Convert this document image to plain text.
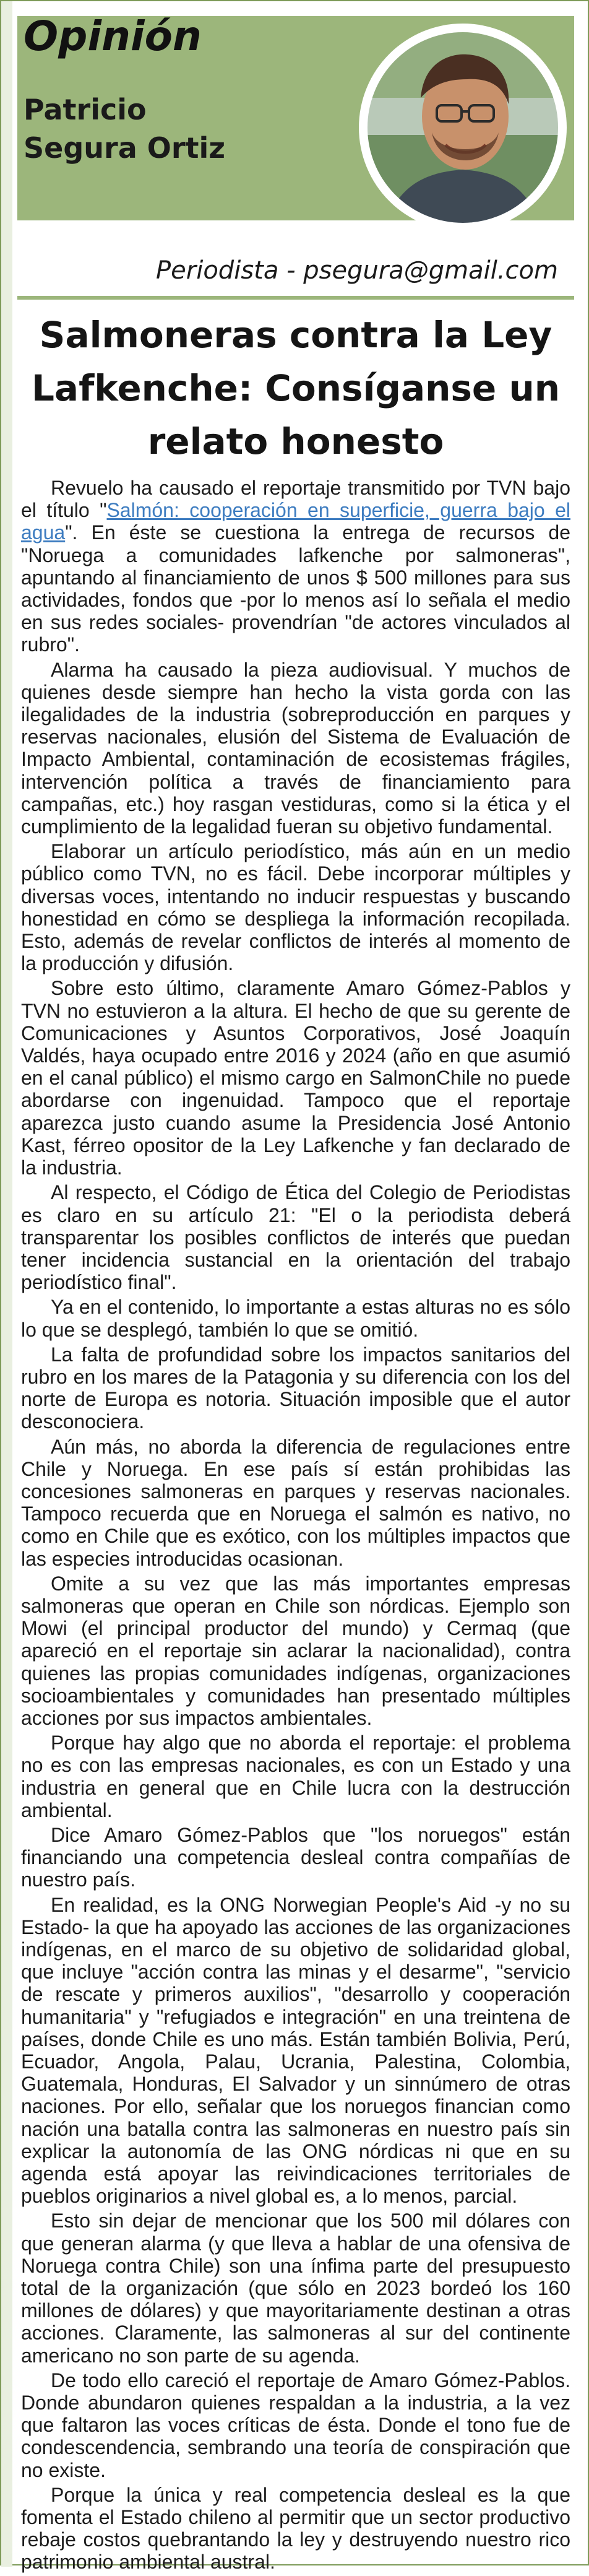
Opinión

Patricio

Segura Ortiz

Periodista - psegura@gmail.com
Salmoneras contra la Ley Lafkenche: Consíganse un relato honesto

Revuelo ha causado el reportaje transmitido por TVN bajo el título "Salmón: cooperación en superficie, guerra bajo el agua". En éste se cuestiona la entrega de recursos de "Noruega a comunidades lafkenche por salmoneras", apuntando al financiamiento de unos $ 500 millones para sus actividades, fondos que -por lo menos así lo señala el medio en sus redes sociales- provendrían "de actores vinculados al rubro".

Alarma ha causado la pieza audiovisual. Y muchos de quienes desde siempre han hecho la vista gorda con las ilegalidades de la industria (sobreproducción en parques y reservas nacionales, elusión del Sistema de Evaluación de Impacto Ambiental, contaminación de ecosistemas frágiles, intervención política a través de financiamiento para campañas, etc.) hoy rasgan vestiduras, como si la ética y el cumplimiento de la legalidad fueran su objetivo fundamental.

Elaborar un artículo periodístico, más aún en un medio público como TVN, no es fácil. Debe incorporar múltiples y diversas voces, intentando no inducir respuestas y buscando honestidad en cómo se despliega la información recopilada. Esto, además de revelar conflictos de interés al momento de la producción y difusión.

Sobre esto último, claramente Amaro Gómez-Pablos y TVN no estuvieron a la altura. El hecho de que su gerente de Comunicaciones y Asuntos Corporativos, José Joaquín Valdés, haya ocupado entre 2016 y 2024 (año en que asumió en el canal público) el mismo cargo en SalmonChile no puede abordarse con ingenuidad. Tampoco que el reportaje aparezca justo cuando asume la Presidencia José Antonio Kast, férreo opositor de la Ley Lafkenche y fan declarado de la industria.

Al respecto, el Código de Ética del Colegio de Periodistas es claro en su artículo 21: "El o la periodista deberá transparentar los posibles conflictos de interés que puedan tener incidencia sustancial en la orientación del trabajo periodístico final".

Ya en el contenido, lo importante a estas alturas no es sólo lo que se desplegó, también lo que se omitió.

La falta de profundidad sobre los impactos sanitarios del rubro en los mares de la Patagonia y su diferencia con los del norte de Europa es notoria. Situación imposible que el autor desconociera.

Aún más, no aborda la diferencia de regulaciones entre Chile y Noruega. En ese país sí están prohibidas las concesiones salmoneras en parques y reservas nacionales. Tampoco recuerda que en Noruega el salmón es nativo, no como en Chile que es exótico, con los múltiples impactos que las especies introducidas ocasionan.

Omite a su vez que las más importantes empresas salmoneras que operan en Chile son nórdicas. Ejemplo son Mowi (el principal productor del mundo) y Cermaq (que apareció en el reportaje sin aclarar la nacionalidad), contra quienes las propias comunidades indígenas, organizaciones socioambientales y comunidades han presentado múltiples acciones por sus impactos ambientales.

Porque hay algo que no aborda el reportaje: el problema no es con las empresas nacionales, es con un Estado y una industria en general que en Chile lucra con la destrucción ambiental.

Dice Amaro Gómez-Pablos que "los noruegos" están financiando una competencia desleal contra compañías de nuestro país.

En realidad, es la ONG Norwegian People's Aid -y no su Estado- la que ha apoyado las acciones de las organizaciones indígenas, en el marco de su objetivo de solidaridad global, que incluye "acción contra las minas y el desarme", "servicio de rescate y primeros auxilios", "desarrollo y cooperación humanitaria" y "refugiados e integración" en una treintena de países, donde Chile es uno más. Están también Bolivia, Perú, Ecuador, Angola, Palau, Ucrania, Palestina, Colombia, Guatemala, Honduras, El Salvador y un sinnúmero de otras naciones. Por ello, señalar que los noruegos financian como nación una batalla contra las salmoneras en nuestro país sin explicar la autonomía de las ONG nórdicas ni que en su agenda está apoyar las reivindicaciones territoriales de pueblos originarios a nivel global es, a lo menos, parcial.

Esto sin dejar de mencionar que los 500 mil dólares con que generan alarma (y que lleva a hablar de una ofensiva de Noruega contra Chile) son una ínfima parte del presupuesto total de la organización (que sólo en 2023 bordeó los 160 millones de dólares) y que mayoritariamente destinan a otras acciones. Claramente, las salmoneras al sur del continente americano no son parte de su agenda.

De todo ello careció el reportaje de Amaro Gómez-Pablos. Donde abundaron quienes respaldan a la industria, a la vez que faltaron las voces críticas de ésta. Donde el tono fue de condescendencia, sembrando una teoría de conspiración que no existe.

Porque la única y real competencia desleal es la que fomenta el Estado chileno al permitir que un sector productivo rebaje costos quebrantando la ley y destruyendo nuestro rico patrimonio ambiental austral.
